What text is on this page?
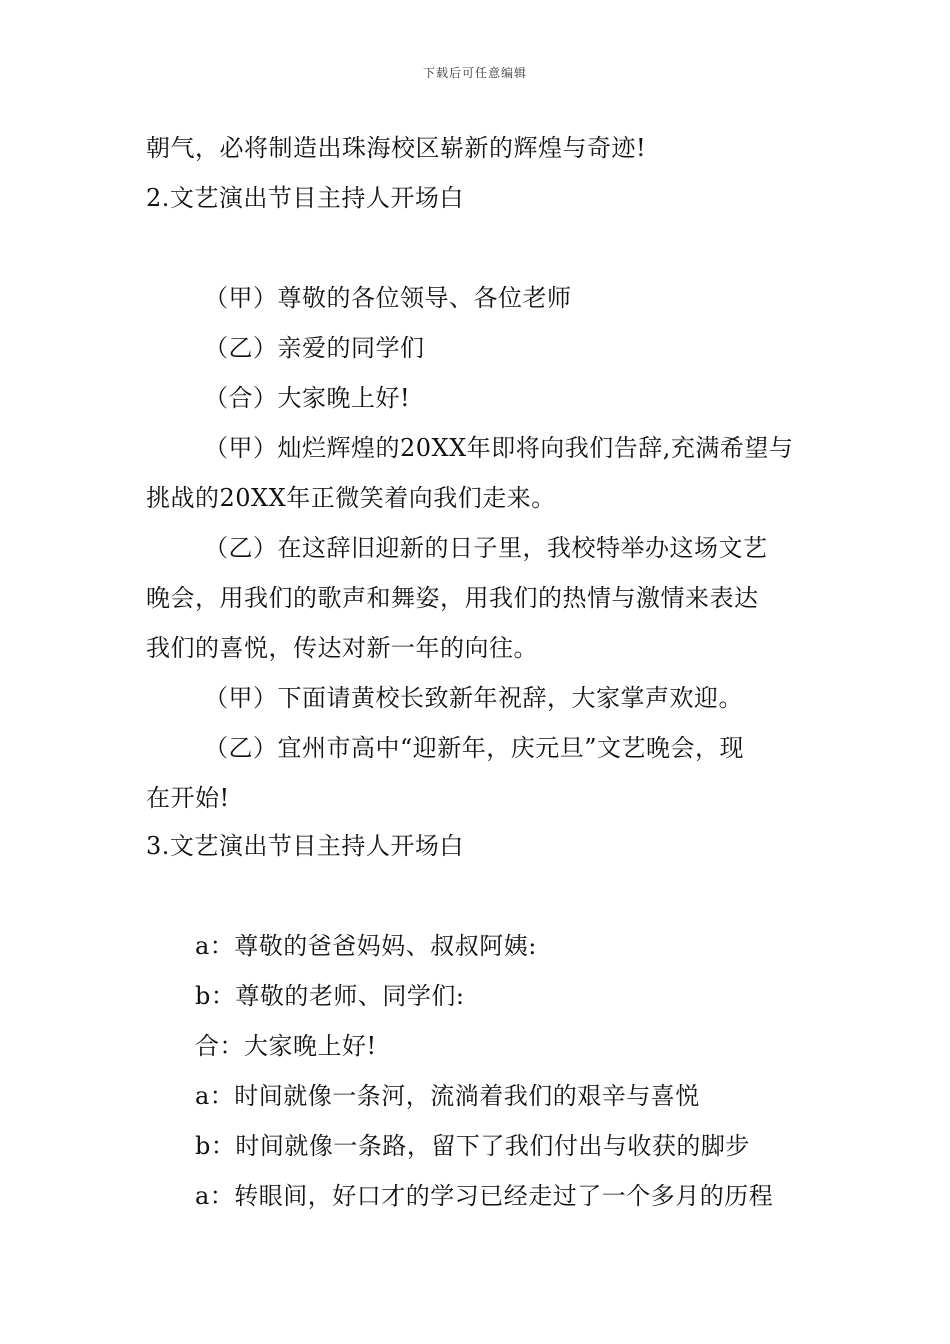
下载后可任意编辑
朝气，必将制造出珠海校区崭新的辉煌与奇迹!
2.文艺演出节目主持人开场白
（甲）尊敬的各位领导、各位老师
（乙）亲爱的同学们
（合）大家晚上好!
（甲）灿烂辉煌的20XX年即将向我们告辞,充满希望与
挑战的20XX年正微笑着向我们走来。
（乙）在这辞旧迎新的日子里，我校特举办这场文艺
晚会，用我们的歌声和舞姿，用我们的热情与激情来表达
我们的喜悦，传达对新一年的向往。
（甲）下面请黄校长致新年祝辞，大家掌声欢迎。
（乙）宜州市高中“迎新年，庆元旦”文艺晚会，现
在开始!
3.文艺演出节目主持人开场白
a：尊敬的爸爸妈妈、叔叔阿姨:
b：尊敬的老师、同学们:
合：大家晚上好!
a：时间就像一条河，流淌着我们的艰辛与喜悦
b：时间就像一条路，留下了我们付出与收获的脚步
a：转眼间，好口才的学习已经走过了一个多月的历程
